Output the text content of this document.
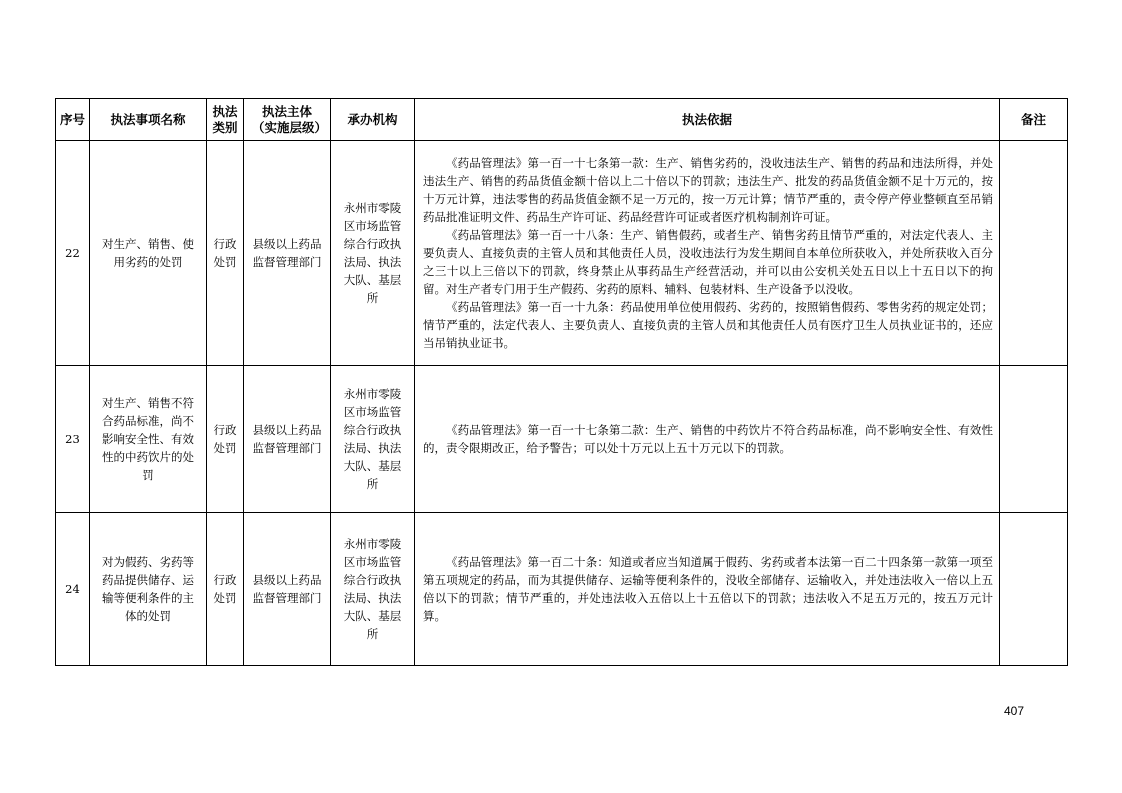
序号	执法事项名称	执法类别	执法主体（实施层级）	承办机构	执法依据	备注
22	对生产、销售、使用劣药的处罚	行政处罚	县级以上药品监督管理部门	永州市零陵区市场监管综合行政执法局、执法大队、基层所	《药品管理法》第一百一十七条第一款：生产、销售劣药的，没收违法生产、销售的药品和违法所得，并处违法生产、销售的药品货值金额十倍以上二十倍以下的罚款；违法生产、批发的药品货值金额不足十万元的，按十万元计算，违法零售的药品货值金额不足一万元的，按一万元计算；情节严重的，责令停产停业整顿直至吊销药品批准证明文件、药品生产许可证、药品经营许可证或者医疗机构制剂许可证。

《药品管理法》第一百一十八条：生产、销售假药，或者生产、销售劣药且情节严重的，对法定代表人、主要负责人、直接负责的主管人员和其他责任人员，没收违法行为发生期间自本单位所获收入，并处所获收入百分之三十以上三倍以下的罚款，终身禁止从事药品生产经营活动，并可以由公安机关处五日以上十五日以下的拘留。对生产者专门用于生产假药、劣药的原料、辅料、包装材料、生产设备予以没收。

《药品管理法》第一百一十九条：药品使用单位使用假药、劣药的，按照销售假药、零售劣药的规定处罚；情节严重的，法定代表人、主要负责人、直接负责的主管人员和其他责任人员有医疗卫生人员执业证书的，还应当吊销执业证书。	

23	对生产、销售不符合药品标准，尚不影响安全性、有效性的中药饮片的处罚	行政处罚	县级以上药品监督管理部门	永州市零陵区市场监管综合行政执法局、执法大队、基层所	《药品管理法》第一百一十七条第二款：生产、销售的中药饮片不符合药品标准，尚不影响安全性、有效性的，责令限期改正，给予警告；可以处十万元以上五十万元以下的罚款。	

24	对为假药、劣药等药品提供储存、运输等便利条件的主体的处罚	行政处罚	县级以上药品监督管理部门	永州市零陵区市场监管综合行政执法局、执法大队、基层所	《药品管理法》第一百二十条：知道或者应当知道属于假药、劣药或者本法第一百二十四条第一款第一项至第五项规定的药品，而为其提供储存、运输等便利条件的，没收全部储存、运输收入，并处违法收入一倍以上五倍以下的罚款；情节严重的，并处违法收入五倍以上十五倍以下的罚款；违法收入不足五万元的，按五万元计算。	

407
